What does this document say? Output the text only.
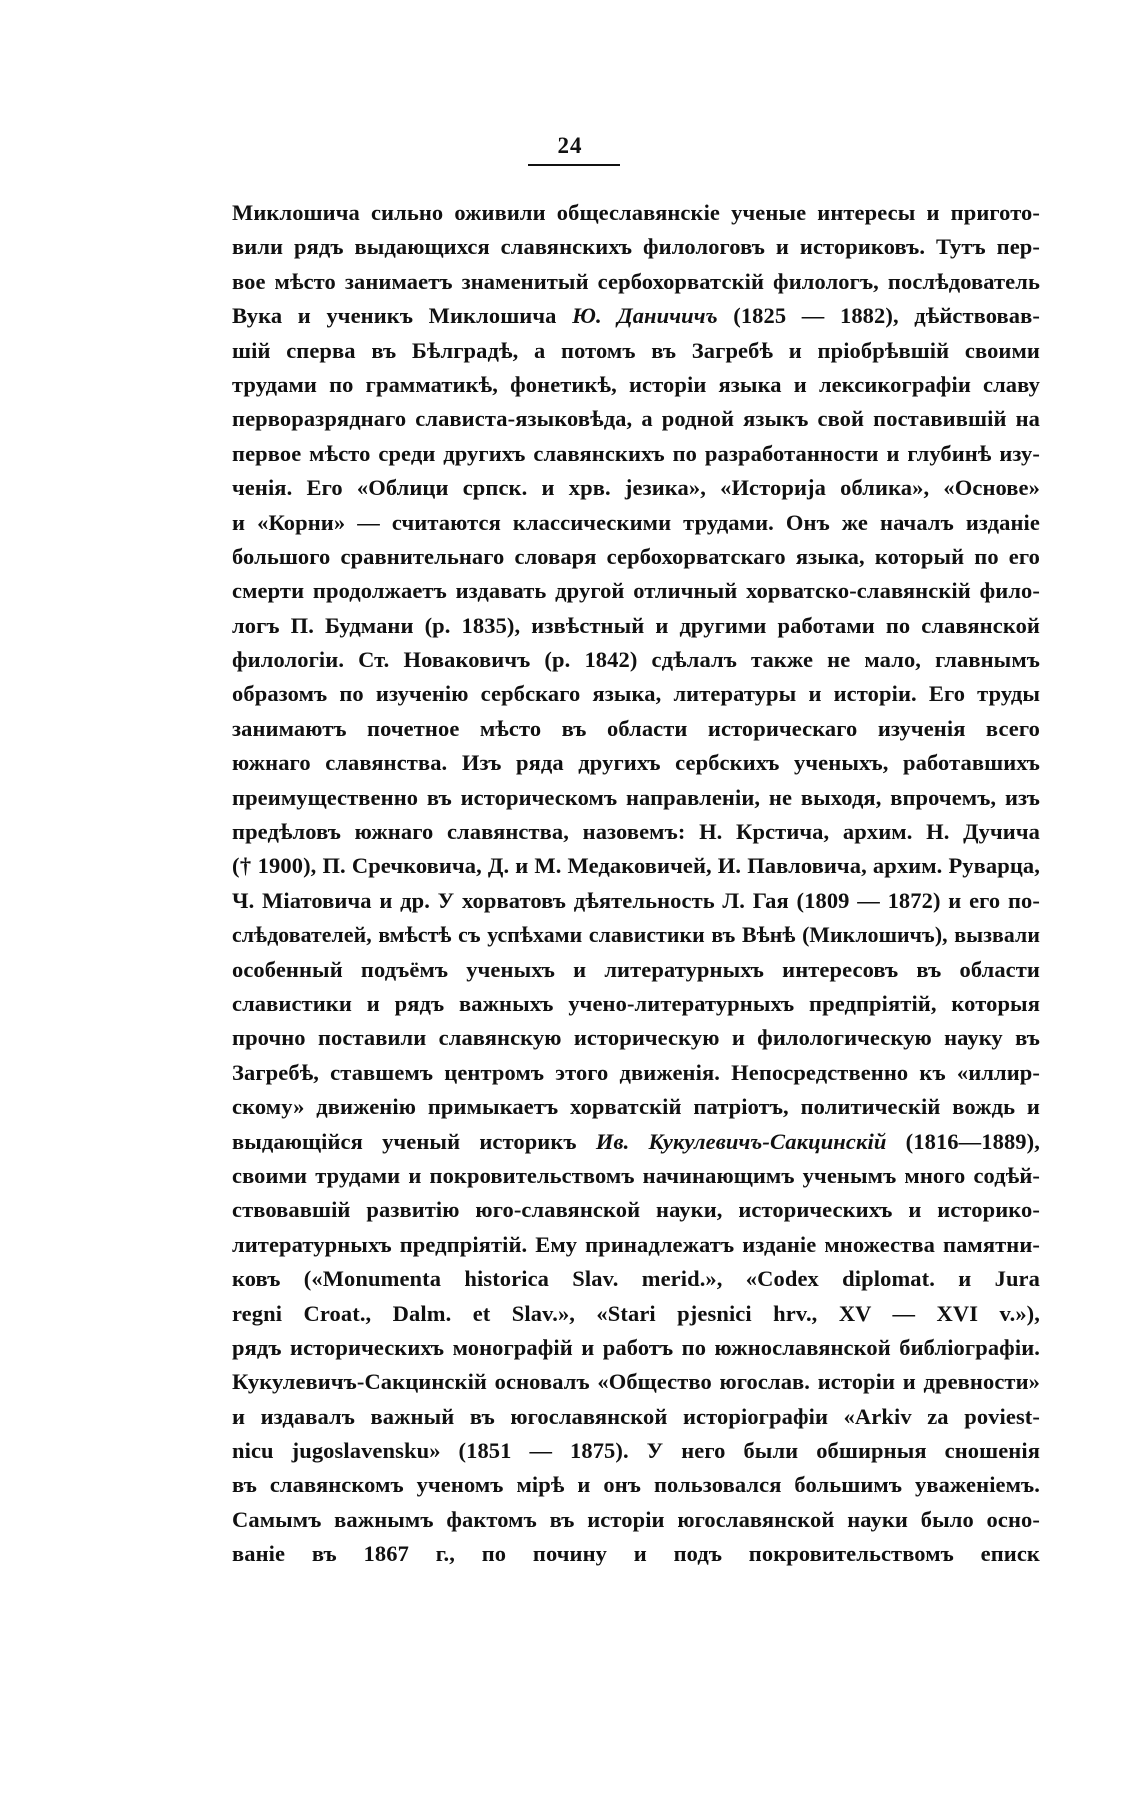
24
Миклошича сильно оживили общеславянскіе ученые интересы и пригото-
вили рядъ выдающихся славянскихъ филологовъ и историковъ. Тутъ пер-
вое мѣсто занимаетъ знаменитый сербохорватскій филологъ, послѣдователь
Вука и ученикъ Миклошича Ю. Даничичъ (1825 — 1882), дѣйствовав-
шій сперва въ Бѣлградѣ, а потомъ въ Загребѣ и пріобрѣвшій своими
трудами по грамматикѣ, фонетикѣ, исторіи языка и лексикографіи славу
перворазряднаго слависта-языковѣда, а родной языкъ свой поставившій на
первое мѣсто среди другихъ славянскихъ по разработанности и глубинѣ изу-
ченія. Его «Облици српск. и хрв. језика», «Историја облика», «Основе»
и «Корни» — считаются классическими трудами. Онъ же началъ изданіе
большого сравнительнаго словаря сербохорватскаго языка, который по его
смерти продолжаетъ издавать другой отличный хорватско-славянскій фило-
логъ П. Будмани (р. 1835), извѣстный и другими работами по славянской
филологіи. Ст. Новаковичъ (р. 1842) сдѣлалъ также не мало, главнымъ
образомъ по изученію сербскаго языка, литературы и исторіи. Его труды
занимаютъ почетное мѣсто въ области историческаго изученія всего
южнаго славянства. Изъ ряда другихъ сербскихъ ученыхъ, работавшихъ
преимущественно въ историческомъ направленіи, не выходя, впрочемъ, изъ
предѣловъ южнаго славянства, назовемъ: Н. Крстича, архим. Н. Дучича
(† 1900), П. Сречковича, Д. и М. Медаковичей, И. Павловича, архим. Руварца,
Ч. Міатовича и др. У хорватовъ дѣятельность Л. Гая (1809 — 1872) и его по-
слѣдователей, вмѣстѣ съ успѣхами славистики въ Вѣнѣ (Миклошичъ), вызвали
особенный подъёмъ ученыхъ и литературныхъ интересовъ въ области
славистики и рядъ важныхъ учено-литературныхъ предпріятій, которыя
прочно поставили славянскую историческую и филологическую науку въ
Загребѣ, ставшемъ центромъ этого движенія. Непосредственно къ «иллир-
скому» движенію примыкаетъ хорватскій патріотъ, политическій вождь и
выдающійся ученый историкъ Ив. Кукулевичъ-Сакцинскій (1816—1889),
своими трудами и покровительствомъ начинающимъ ученымъ много содѣй-
ствовавшій развитію юго-славянской науки, историческихъ и историко-
литературныхъ предпріятій. Ему принадлежатъ изданіе множества памятни-
ковъ («Monumenta historica Slav. merid.», «Codex diplomat. и Jura
regni Croat., Dalm. et Slav.», «Stari pjesnici hrv., XV — XVI v.»),
рядъ историческихъ монографій и работъ по южнославянской библіографіи.
Кукулевичъ-Сакцинскій основалъ «Общество югослав. исторiи и древности»
и издавалъ важный въ югославянской исторіографіи «Arkiv za poviest-
nicu jugoslavensku» (1851 — 1875). У него были обширныя сношенія
въ славянскомъ ученомъ мірѣ и онъ пользовался большимъ уваженіемъ.
Самымъ важнымъ фактомъ въ исторіи югославянской науки было осно-
ваніе въ 1867 г., по почину и подъ покровительствомъ еписк
